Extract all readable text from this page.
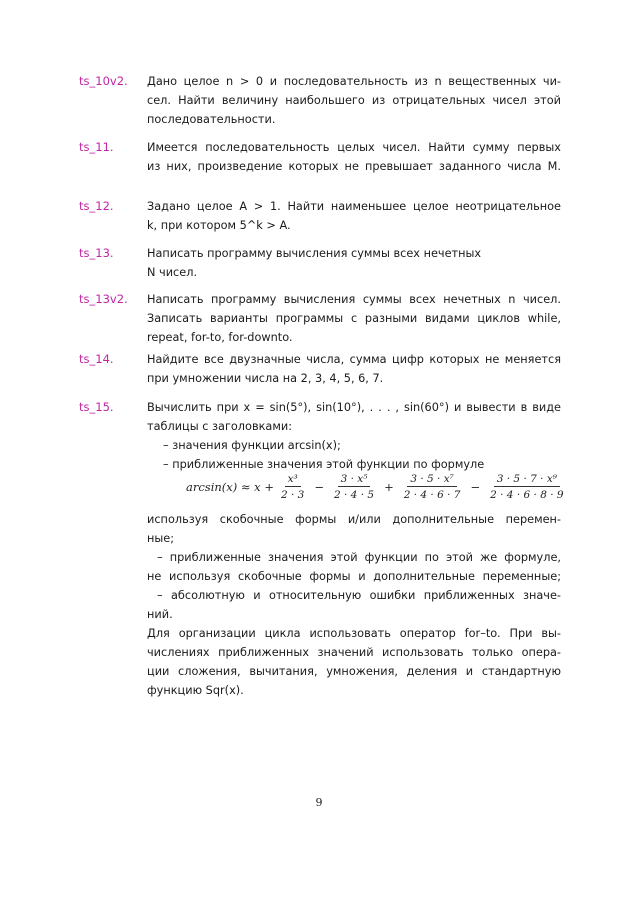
ts_10v2. Дано целое n > 0 и последовательность из n вещественных чи-
сел. Найти величину наибольшего из отрицательных чисел этой
последовательности.
ts_11.	Имеется последовательность целых чисел. Найти сумму первых
из них, произведение которых не превышает заданного числа M.
ts_12.	Задано целое A > 1. Найти наименьшее целое неотрицательное
k, при котором 5^k > A.
ts_13.	Написать программу вычисления суммы всех нечетных
N чисел.
ts_13v2. Написать программу вычисления суммы всех нечетных n чисел.
Записать варианты программы с разными видами циклов while,
repeat, for-to, for-downto.
ts_14.	Найдите все двузначные числа, сумма цифр которых не меняется
при умножении числа на 2, 3, 4, 5, 6, 7.
ts_15.	Вычислить при x = sin(5°), sin(10°), . . . , sin(60°) и вывести в виде
таблицы с заголовками:
– значения функции arcsin(x);
– приближенные значения этой функции по формуле
$\arcsin(x) \approx x + \frac{\text{x³}}{2 \cdot 3} - \frac{\text{3 · x⁵}}{2 \cdot 4 \cdot 5} + \frac{\text{3 · 5 · x⁷}}{2 \cdot 4 \cdot 6 \cdot 7} - \frac{\text{3 · 5 · 7 · x⁹}}{2 \cdot 4 \cdot 6 \cdot 8 \cdot 9}$
используя скобочные формы и/или дополнительные перемен-
ные;
– приближенные значения этой функции по этой же формуле,
не используя скобочные формы и дополнительные переменные;
– абсолютную и относительную ошибки приближенных значе-
ний.
Для организации цикла использовать оператор for–to. При вы-
числениях приближенных значений использовать только опера-
ции сложения, вычитания, умножения, деления и стандартную
функцию Sqr(x).
9
